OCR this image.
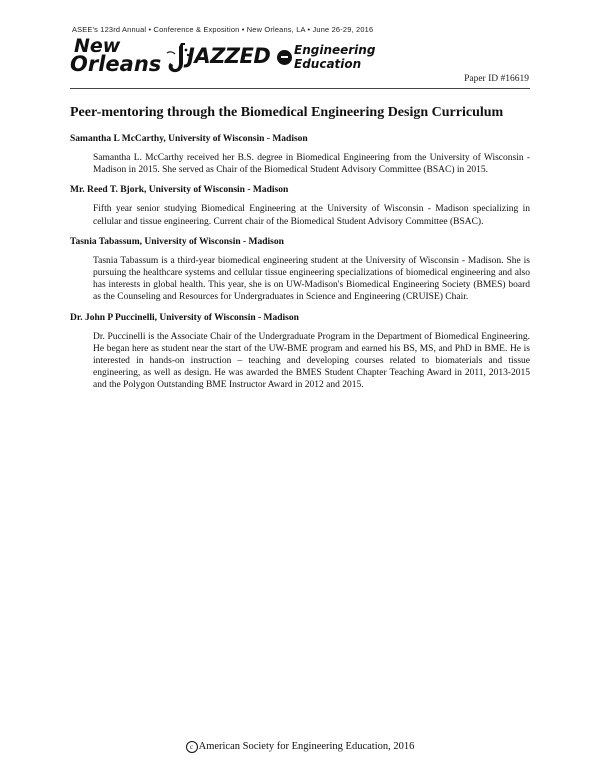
ASEE's 123rd Annual • Conference & Exposition • New Orleans, LA • June 26-29, 2016
New
Orleans JAZZED Engineering
Education
Paper ID #16619
Peer-mentoring through the Biomedical Engineering Design Curriculum
Samantha L McCarthy, University of Wisconsin - Madison
Samantha L. McCarthy received her B.S. degree in Biomedical Engineering from the University of Wisconsin - Madison in 2015. She served as Chair of the Biomedical Student Advisory Committee (BSAC) in 2015.
Mr. Reed T. Bjork, University of Wisconsin - Madison
Fifth year senior studying Biomedical Engineering at the University of Wisconsin - Madison specializing in cellular and tissue engineering. Current chair of the Biomedical Student Advisory Committee (BSAC).
Tasnia Tabassum, University of Wisconsin - Madison
Tasnia Tabassum is a third-year biomedical engineering student at the University of Wisconsin - Madison. She is pursuing the healthcare systems and cellular tissue engineering specializations of biomedical engineering and also has interests in global health. This year, she is on UW-Madison's Biomedical Engineering Society (BMES) board as the Counseling and Resources for Undergraduates in Science and Engineering (CRUISE) Chair.
Dr. John P Puccinelli, University of Wisconsin - Madison
Dr. Puccinelli is the Associate Chair of the Undergraduate Program in the Department of Biomedical Engineering. He began here as student near the start of the UW-BME program and earned his BS, MS, and PhD in BME. He is interested in hands-on instruction – teaching and developing courses related to biomaterials and tissue engineering, as well as design. He was awarded the BMES Student Chapter Teaching Award in 2011, 2013-2015 and the Polygon Outstanding BME Instructor Award in 2012 and 2015.
c American Society for Engineering Education, 2016
